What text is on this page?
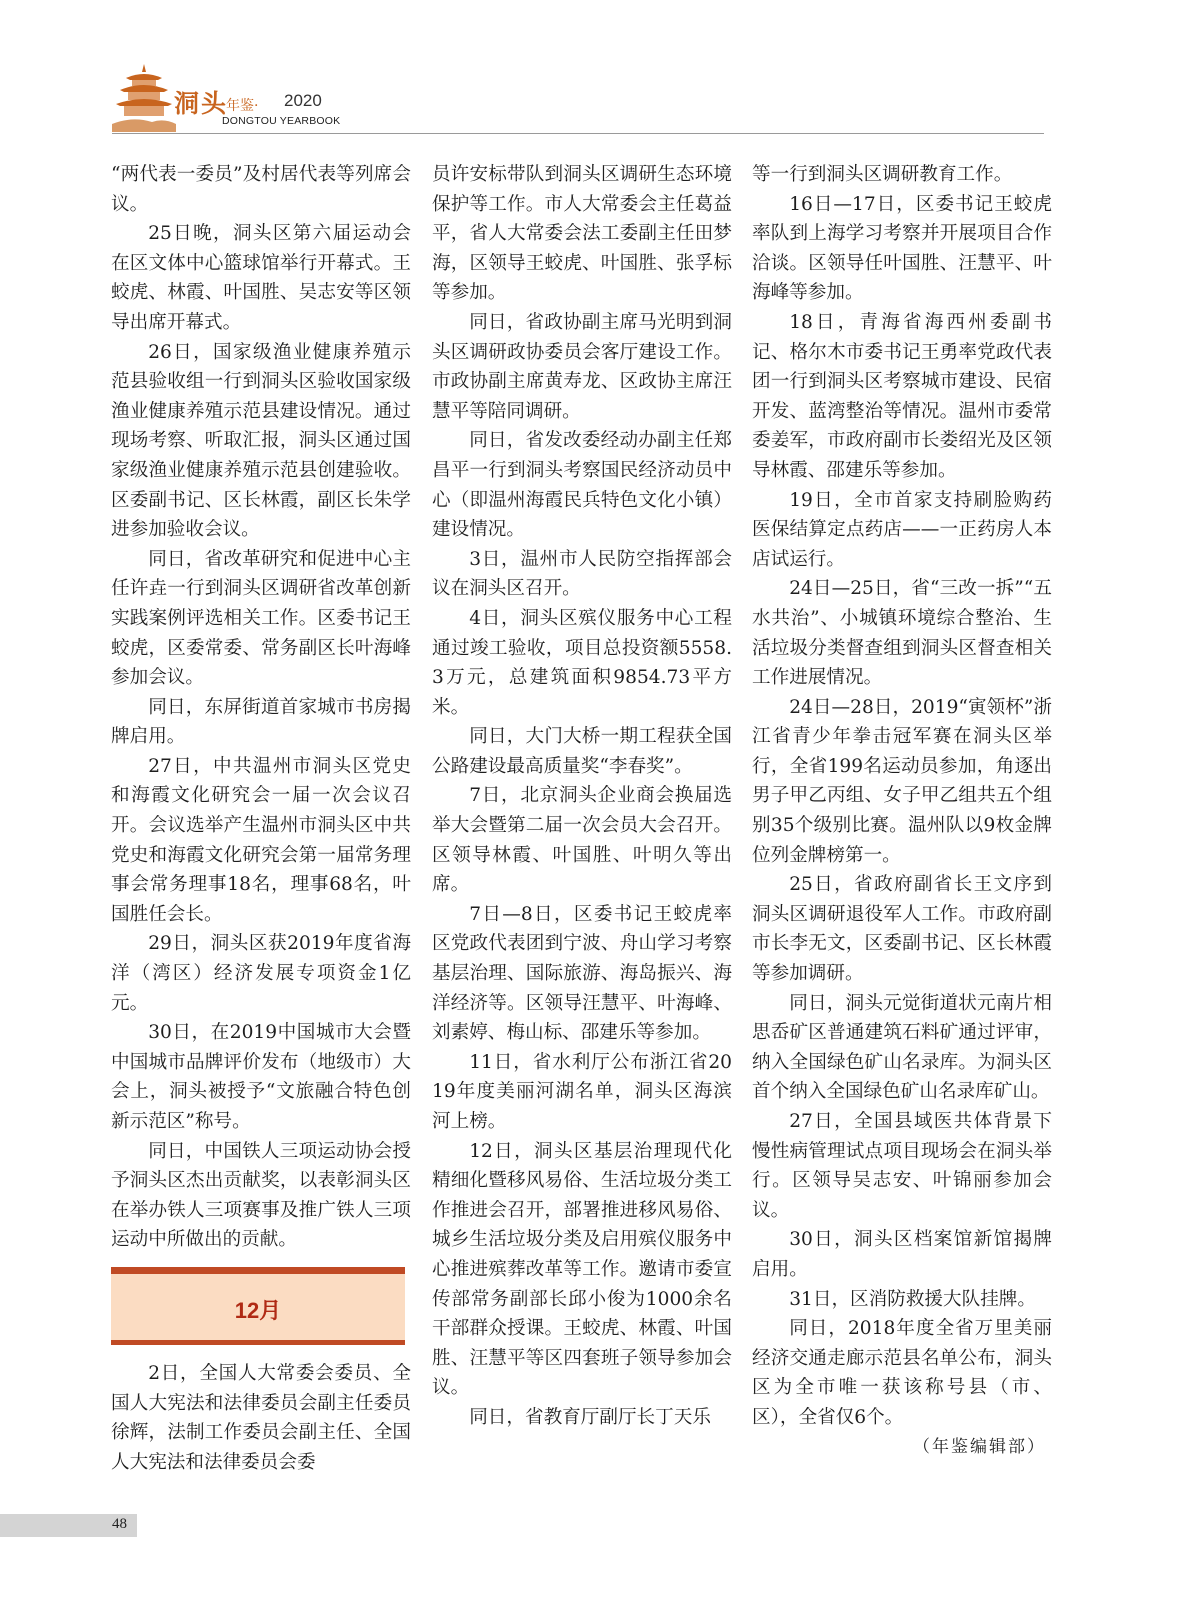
洞头
年鉴· 2020
DONGTOU YEARBOOK

“两代表一委员”及村居代表等列席会议。

25日晚，洞头区第六届运动会在区文体中心篮球馆举行开幕式。王蛟虎、林霞、叶国胜、吴志安等区领导出席开幕式。

26日，国家级渔业健康养殖示范县验收组一行到洞头区验收国家级渔业健康养殖示范县建设情况。通过现场考察、听取汇报，洞头区通过国家级渔业健康养殖示范县创建验收。区委副书记、区长林霞，副区长朱学进参加验收会议。

同日，省改革研究和促进中心主任许垚一行到洞头区调研省改革创新实践案例评选相关工作。区委书记王蛟虎，区委常委、常务副区长叶海峰参加会议。

同日，东屏街道首家城市书房揭牌启用。

27日，中共温州市洞头区党史和海霞文化研究会一届一次会议召开。会议选举产生温州市洞头区中共党史和海霞文化研究会第一届常务理事会常务理事18名，理事68名，叶国胜任会长。

29日，洞头区获2019年度省海洋（湾区）经济发展专项资金1亿元。

30日，在2019中国城市大会暨中国城市品牌评价发布（地级市）大会上，洞头被授予“文旅融合特色创新示范区”称号。

同日，中国铁人三项运动协会授予洞头区杰出贡献奖，以表彰洞头区在举办铁人三项赛事及推广铁人三项运动中所做出的贡献。

12月

2日，全国人大常委会委员、全国人大宪法和法律委员会副主任委员徐辉，法制工作委员会副主任、全国人大宪法和法律委员会委

员许安标带队到洞头区调研生态环境保护等工作。市人大常委会主任葛益平，省人大常委会法工委副主任田梦海，区领导王蛟虎、叶国胜、张孚标等参加。

同日，省政协副主席马光明到洞头区调研政协委员会客厅建设工作。市政协副主席黄寿龙、区政协主席汪慧平等陪同调研。

同日，省发改委经动办副主任郑昌平一行到洞头考察国民经济动员中心（即温州海霞民兵特色文化小镇）建设情况。

3日，温州市人民防空指挥部会议在洞头区召开。

4日，洞头区殡仪服务中心工程通过竣工验收，项目总投资额5558.3万元，总建筑面积9854.73平方米。

同日，大门大桥一期工程获全国公路建设最高质量奖“李春奖”。

7日，北京洞头企业商会换届选举大会暨第二届一次会员大会召开。区领导林霞、叶国胜、叶明久等出席。

7日—8日，区委书记王蛟虎率区党政代表团到宁波、舟山学习考察基层治理、国际旅游、海岛振兴、海洋经济等。区领导汪慧平、叶海峰、刘素婷、梅山标、邵建乐等参加。

11日，省水利厅公布浙江省2019年度美丽河湖名单，洞头区海滨河上榜。

12日，洞头区基层治理现代化精细化暨移风易俗、生活垃圾分类工作推进会召开，部署推进移风易俗、城乡生活垃圾分类及启用殡仪服务中心推进殡葬改革等工作。邀请市委宣传部常务副部长邱小俊为1000余名干部群众授课。王蛟虎、林霞、叶国胜、汪慧平等区四套班子领导参加会议。

同日，省教育厅副厅长丁天乐

等一行到洞头区调研教育工作。

16日—17日，区委书记王蛟虎率队到上海学习考察并开展项目合作洽谈。区领导任叶国胜、汪慧平、叶海峰等参加。

18日，青海省海西州委副书记、格尔木市委书记王勇率党政代表团一行到洞头区考察城市建设、民宿开发、蓝湾整治等情况。温州市委常委姜军，市政府副市长娄绍光及区领导林霞、邵建乐等参加。

19日，全市首家支持刷脸购药医保结算定点药店——一正药房人本店试运行。

24日—25日，省“三改一拆”“五水共治”、小城镇环境综合整治、生活垃圾分类督查组到洞头区督查相关工作进展情况。

24日—28日，2019“寅领杯”浙江省青少年拳击冠军赛在洞头区举行，全省199名运动员参加，角逐出男子甲乙丙组、女子甲乙组共五个组别35个级别比赛。温州队以9枚金牌位列金牌榜第一。

25日，省政府副省长王文序到洞头区调研退役军人工作。市政府副市长李无文，区委副书记、区长林霞等参加调研。

同日，洞头元觉街道状元南片相思岙矿区普通建筑石料矿通过评审，纳入全国绿色矿山名录库。为洞头区首个纳入全国绿色矿山名录库矿山。

27日，全国县域医共体背景下慢性病管理试点项目现场会在洞头举行。区领导吴志安、叶锦丽参加会议。

30日，洞头区档案馆新馆揭牌启用。

31日，区消防救援大队挂牌。

同日，2018年度全省万里美丽经济交通走廊示范县名单公布，洞头区为全市唯一获该称号县（市、区），全省仅6个。

（年鉴编辑部）

48
